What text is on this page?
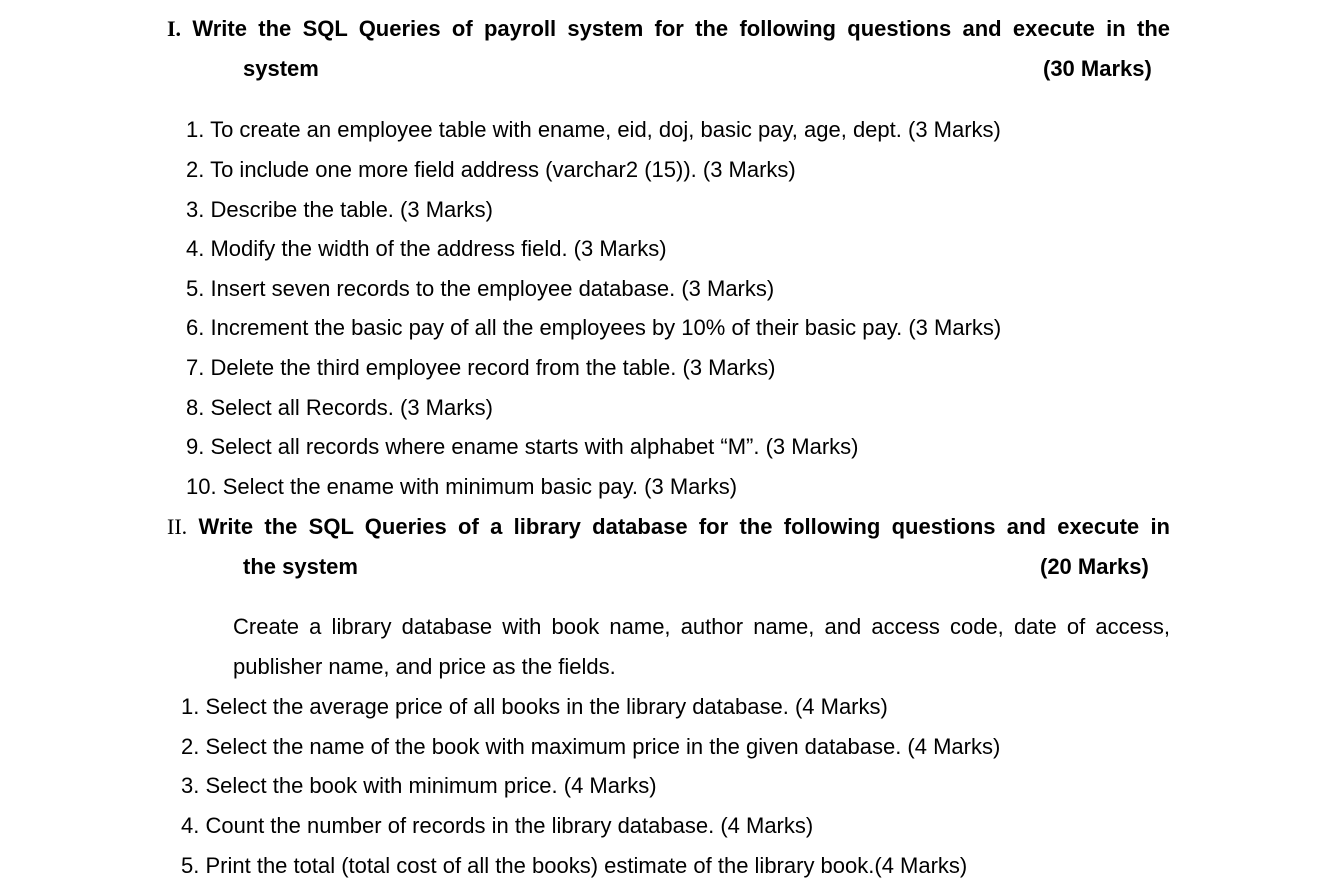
I. Write the SQL Queries of payroll system for the following questions and execute in the
system	(30 Marks)
1. To create an employee table with ename, eid, doj, basic pay, age, dept. (3 Marks)
2. To include one more field address (varchar2 (15)). (3 Marks)
3. Describe the table. (3 Marks)
4. Modify the width of the address field. (3 Marks)
5. Insert seven records to the employee database. (3 Marks)
6. Increment the basic pay of all the employees by 10% of their basic pay. (3 Marks)
7. Delete the third employee record from the table. (3 Marks)
8. Select all Records. (3 Marks)
9. Select all records where ename starts with alphabet “M”. (3 Marks)
10. Select the ename with minimum basic pay. (3 Marks)
II. Write the SQL Queries of a library database for the following questions and execute in
the system	(20 Marks)
Create a library database with book name, author name, and access code, date of access,
publisher name, and price as the fields.
1. Select the average price of all books in the library database. (4 Marks)
2. Select the name of the book with maximum price in the given database. (4 Marks)
3. Select the book with minimum price. (4 Marks)
4. Count the number of records in the library database. (4 Marks)
5. Print the total (total cost of all the books) estimate of the library book.(4 Marks)
